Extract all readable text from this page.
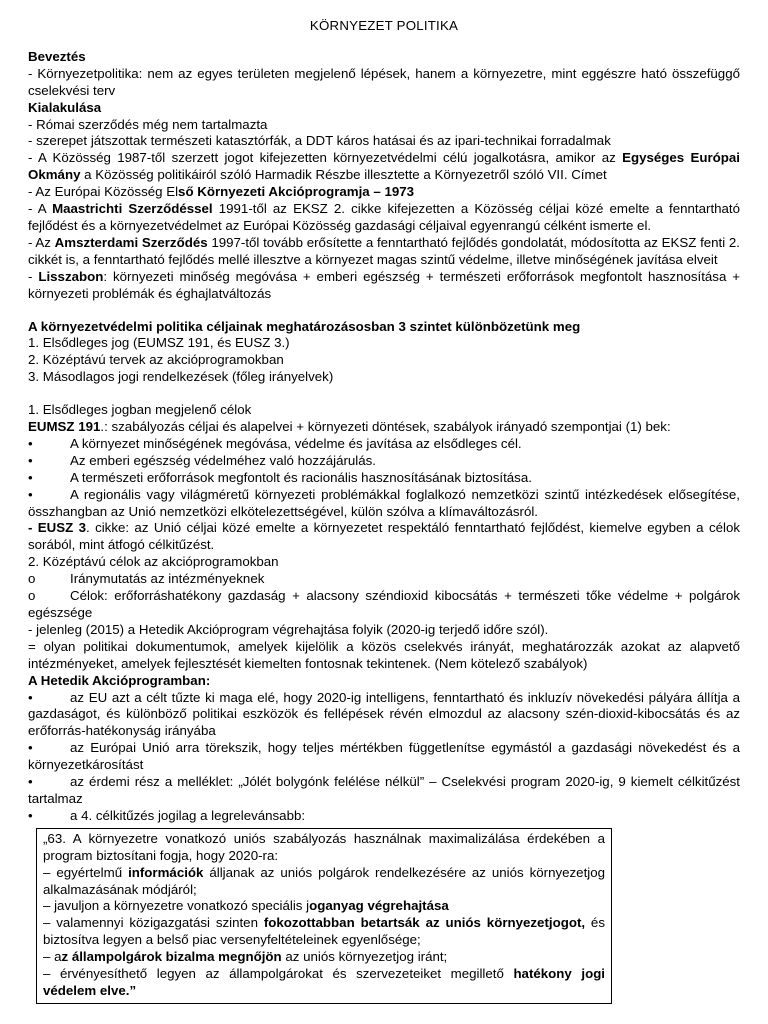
KÖRNYEZET POLITIKA

Beveztés

- Környezetpolitika: nem az egyes területen megjelenő lépések, hanem a környezetre, mint eggészre ható összefüggő cselekvési terv

Kialakulása

- Római szerződés még nem tartalmazta

- szerepet játszottak természeti katasztórfák, a DDT káros hatásai és az ipari-technikai forradalmak

- A Közösség 1987-től szerzett jogot kifejezetten környezetvédelmi célú jogalkotásra, amikor az Egységes Európai Okmány a Közösség politikáiról szóló Harmadik Részbe illesztette a Környezetről szóló VII. Címet

- Az Európai Közösség Első Környezeti Akcióprogramja – 1973

- A Maastrichti Szerződéssel 1991-től az EKSZ 2. cikke kifejezetten a Közösség céljai közé emelte a fenntartható fejlődést és a környezetvédelmet az Európai Közösség gazdasági céljaival egyenrangú célként ismerte el.

- Az Amszterdami Szerződés 1997-től tovább erősítette a fenntartható fejlődés gondolatát, módosította az EKSZ fenti 2. cikkét is, a fenntartható fejlődés mellé illesztve a környezet magas szintű védelme, illetve minőségének javítása elveit

- Lisszabon: környezeti minőség megóvása + emberi egészség + természeti erőforrások megfontolt hasznosítása + környezeti problémák és éghajlatváltozás

A környezetvédelmi politika céljainak meghatározásosban 3 szintet különbözetünk meg

1. Elsődleges jog (EUMSZ 191, és EUSZ 3.)

2. Középtávú tervek az akcióprogramokban

3. Másodlagos jogi rendelkezések (főleg irányelvek)

1. Elsődleges jogban megjelenő célok

EUMSZ 191.: szabályozás céljai és alapelvei + környezeti döntések, szabályok irányadó szempontjai (1) bek:

•	A környezet minőségének megóvása, védelme és javítása az elsődleges cél.
•	Az emberi egészség védelméhez való hozzájárulás.
•	A természeti erőforrások megfontolt és racionális hasznosításának biztosítása.

•	A regionális vagy világméretű környezeti problémákkal foglalkozó nemzetközi szintű intézkedések elősegítése, összhangban az Unió nemzetközi elkötelezettségével, külön szólva a klímaváltozásról.

- EUSZ 3. cikke: az Unió céljai közé emelte a környezetet respektáló fenntartható fejlődést, kiemelve egyben a célok sorából, mint átfogó célkitűzést.

2. Középtávú célok az akcióprogramokban

o	Iránymutatás az intézményeknek

o	Célok: erőforráshatékony gazdaság + alacsony széndioxid kibocsátás + természeti tőke védelme + polgárok egészsége

- jelenleg (2015) a Hetedik Akcióprogram végrehajtása folyik (2020-ig terjedő időre szól).

= olyan politikai dokumentumok, amelyek kijelölik a közös cselekvés irányát, meghatározzák azokat az alapvető intézményeket, amelyek fejlesztését kiemelten fontosnak tekintenek. (Nem kötelező szabályok)

A Hetedik Akcióprogramban:

•	az EU azt a célt tűzte ki maga elé, hogy 2020-ig intelligens, fenntartható és inkluzív növekedési pályára állítja a gazdaságot, és különböző politikai eszközök és fellépések révén elmozdul az alacsony szén-dioxid-kibocsátás és az erőforrás-hatékonyság irányába

•	az Európai Unió arra törekszik, hogy teljes mértékben függetlenítse egymástól a gazdasági növekedést és a környezetkárosítást

•	az érdemi rész a melléklet: „Jólét bolygónk felélése nélkül” – Cselekvési program 2020-ig, 9 kiemelt célkitűzést tartalmaz

•	a 4. célkitűzés jogilag a legrelevánsabb:

„63. A környezetre vonatkozó uniós szabályozás használnak maximalizálása érdekében a program biztosítani fogja, hogy 2020-ra:

– egyértelmű információk álljanak az uniós polgárok rendelkezésére az uniós környezetjog alkalmazásának módjáról;

– javuljon a környezetre vonatkozó speciális joganyag végrehajtása

– valamennyi közigazgatási szinten fokozottabban betartsák az uniós környezetjogot, és biztosítva legyen a belső piac versenyfeltételeinek egyenlősége;

– az állampolgárok bizalma megnőjön az uniós környezetjog iránt;

– érvényesíthető legyen az állampolgárokat és szervezeteiket megillető hatékony jogi védelem elve.”
